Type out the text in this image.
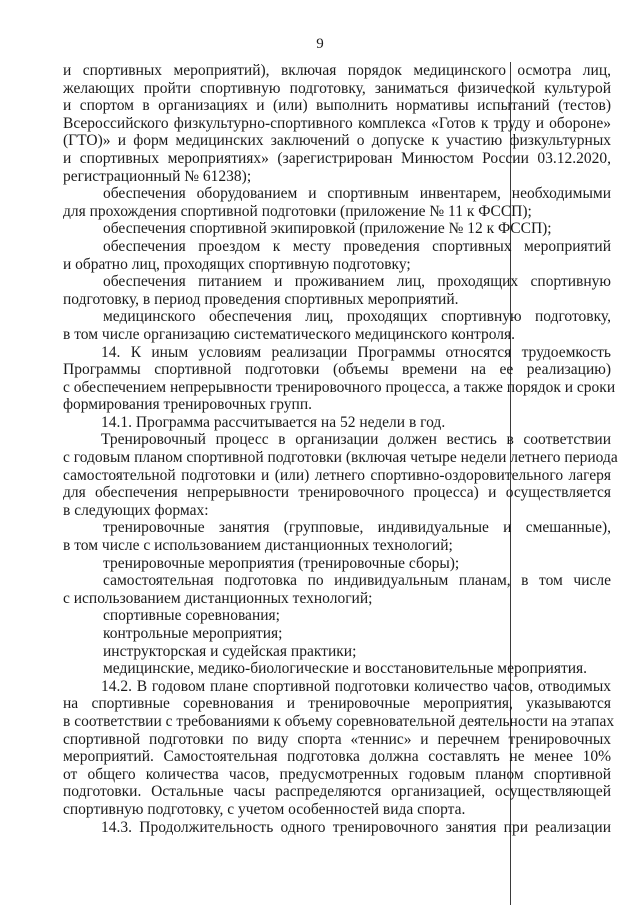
9
и спортивных мероприятий), включая порядок медицинского осмотра лиц,
желающих пройти спортивную подготовку, заниматься физической культурой
и спортом в организациях и (или) выполнить нормативы испытаний (тестов)
Всероссийского физкультурно-спортивного комплекса «Готов к труду и обороне»
(ГТО)» и форм медицинских заключений о допуске к участию физкультурных
и спортивных мероприятиях» (зарегистрирован Минюстом России 03.12.2020,
регистрационный № 61238);
обеспечения оборудованием и спортивным инвентарем, необходимыми
для прохождения спортивной подготовки (приложение № 11 к ФССП);
обеспечения спортивной экипировкой (приложение № 12 к ФССП);
обеспечения проездом к месту проведения спортивных мероприятий
и обратно лиц, проходящих спортивную подготовку;
обеспечения питанием и проживанием лиц, проходящих спортивную
подготовку, в период проведения спортивных мероприятий.
медицинского обеспечения лиц, проходящих спортивную подготовку,
в том числе организацию систематического медицинского контроля.
14. К иным условиям реализации Программы относятся трудоемкость
Программы спортивной подготовки (объемы времени на ее реализацию)
с обеспечением непрерывности тренировочного процесса, а также порядок и сроки
формирования тренировочных групп.
14.1. Программа рассчитывается на 52 недели в год.
Тренировочный процесс в организации должен вестись в соответствии
с годовым планом спортивной подготовки (включая четыре недели летнего периода
самостоятельной подготовки и (или) летнего спортивно-оздоровительного лагеря
для обеспечения непрерывности тренировочного процесса) и осуществляется
в следующих формах:
тренировочные занятия (групповые, индивидуальные и смешанные),
в том числе с использованием дистанционных технологий;
тренировочные мероприятия (тренировочные сборы);
самостоятельная подготовка по индивидуальным планам, в том числе
с использованием дистанционных технологий;
спортивные соревнования;
контрольные мероприятия;
инструкторская и судейская практики;
медицинские, медико-биологические и восстановительные мероприятия.
14.2. В годовом плане спортивной подготовки количество часов, отводимых
на спортивные соревнования и тренировочные мероприятия, указываются
в соответствии с требованиями к объему соревновательной деятельности на этапах
спортивной подготовки по виду спорта «теннис» и перечнем тренировочных
мероприятий. Самостоятельная подготовка должна составлять не менее 10%
от общего количества часов, предусмотренных годовым планом спортивной
подготовки. Остальные часы распределяются организацией, осуществляющей
спортивную подготовку, с учетом особенностей вида спорта.
14.3. Продолжительность одного тренировочного занятия при реализации
